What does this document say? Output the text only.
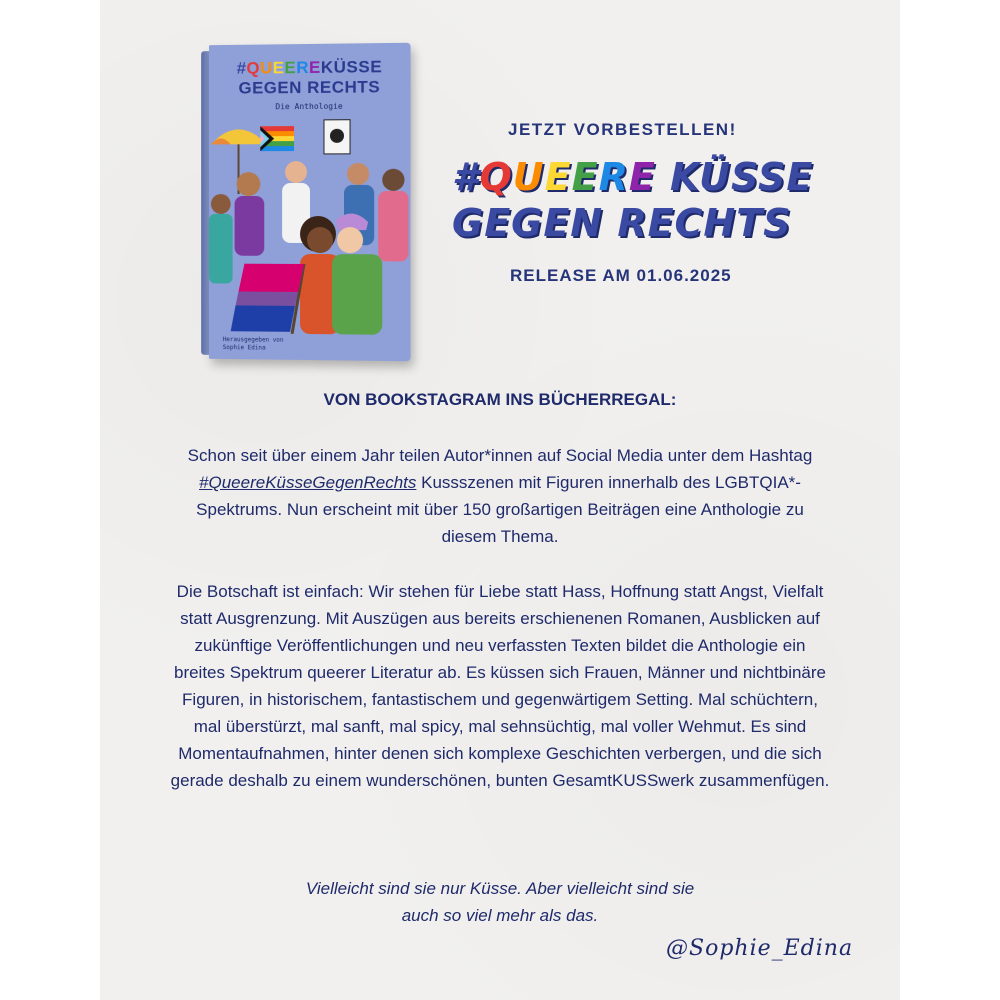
#QUEEREKÜSSE
GEGEN RECHTS
Die Anthologie
Herausgegeben von
Sophie Edina
JETZT VORBESTELLEN!
#QUEERE KÜSSE
GEGEN RECHTS
RELEASE AM 01.06.2025
VON BOOKSTAGRAM INS BÜCHERREGAL:
Schon seit über einem Jahr teilen Autor*innen auf Social Media unter dem Hashtag #QueereKüsseGegenRechts Kussszenen mit Figuren innerhalb des LGBTQIA*-Spektrums. Nun erscheint mit über 150 großartigen Beiträgen eine Anthologie zu diesem Thema.
Die Botschaft ist einfach: Wir stehen für Liebe statt Hass, Hoffnung statt Angst, Vielfalt statt Ausgrenzung. Mit Auszügen aus bereits erschienenen Romanen, Ausblicken auf zukünftige Veröffentlichungen und neu verfassten Texten bildet die Anthologie ein breites Spektrum queerer Literatur ab. Es küssen sich Frauen, Männer und nichtbinäre Figuren, in historischem, fantastischem und gegenwärtigem Setting. Mal schüchtern, mal überstürzt, mal sanft, mal spicy, mal sehnsüchtig, mal voller Wehmut. Es sind Momentaufnahmen, hinter denen sich komplexe Geschichten verbergen, und die sich gerade deshalb zu einem wunderschönen, bunten GesamtKUSSwerk zusammenfügen.
Vielleicht sind sie nur Küsse. Aber vielleicht sind sie
auch so viel mehr als das.
@Sophie_Edina
